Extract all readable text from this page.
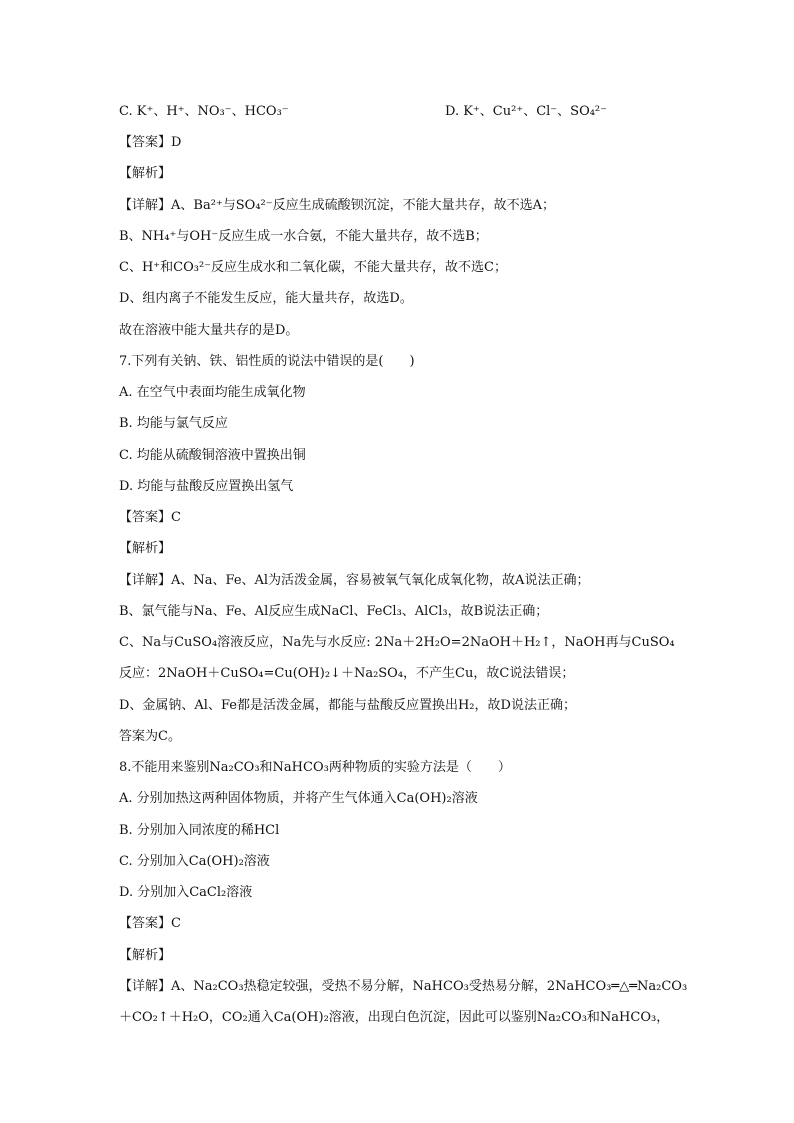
C. K⁺、H⁺、NO₃⁻、HCO₃⁻	D. K⁺、Cu²⁺、Cl⁻、SO₄²⁻
【答案】D
【解析】
【详解】A、Ba²⁺与SO₄²⁻反应生成硫酸钡沉淀，不能大量共存，故不选A；
B、NH₄⁺与OH⁻反应生成一水合氨，不能大量共存，故不选B；
C、H⁺和CO₃²⁻反应生成水和二氧化碳，不能大量共存，故不选C；
D、组内离子不能发生反应，能大量共存，故选D。
故在溶液中能大量共存的是D。
7.下列有关钠、铁、铝性质的说法中错误的是(　　)
A. 在空气中表面均能生成氧化物
B. 均能与氯气反应
C. 均能从硫酸铜溶液中置换出铜
D. 均能与盐酸反应置换出氢气
【答案】C
【解析】
【详解】A、Na、Fe、Al为活泼金属，容易被氧气氧化成氧化物，故A说法正确；
B、氯气能与Na、Fe、Al反应生成NaCl、FeCl₃、AlCl₃，故B说法正确；
C、Na与CuSO₄溶液反应，Na先与水反应: 2Na＋2H₂O=2NaOH＋H₂↑，NaOH再与CuSO₄
反应：2NaOH＋CuSO₄=Cu(OH)₂↓＋Na₂SO₄，不产生Cu，故C说法错误；
D、金属钠、Al、Fe都是活泼金属，都能与盐酸反应置换出H₂，故D说法正确；
答案为C。
8.不能用来鉴别Na₂CO₃和NaHCO₃两种物质的实验方法是（　　）
A. 分别加热这两种固体物质，并将产生气体通入Ca(OH)₂溶液
B. 分别加入同浓度的稀HCl
C. 分别加入Ca(OH)₂溶液
D. 分别加入CaCl₂溶液
【答案】C
【解析】
【详解】A、Na₂CO₃热稳定较强，受热不易分解，NaHCO₃受热易分解，2NaHCO₃═△═Na₂CO₃
＋CO₂↑＋H₂O，CO₂通入Ca(OH)₂溶液，出现白色沉淀，因此可以鉴别Na₂CO₃和NaHCO₃，
